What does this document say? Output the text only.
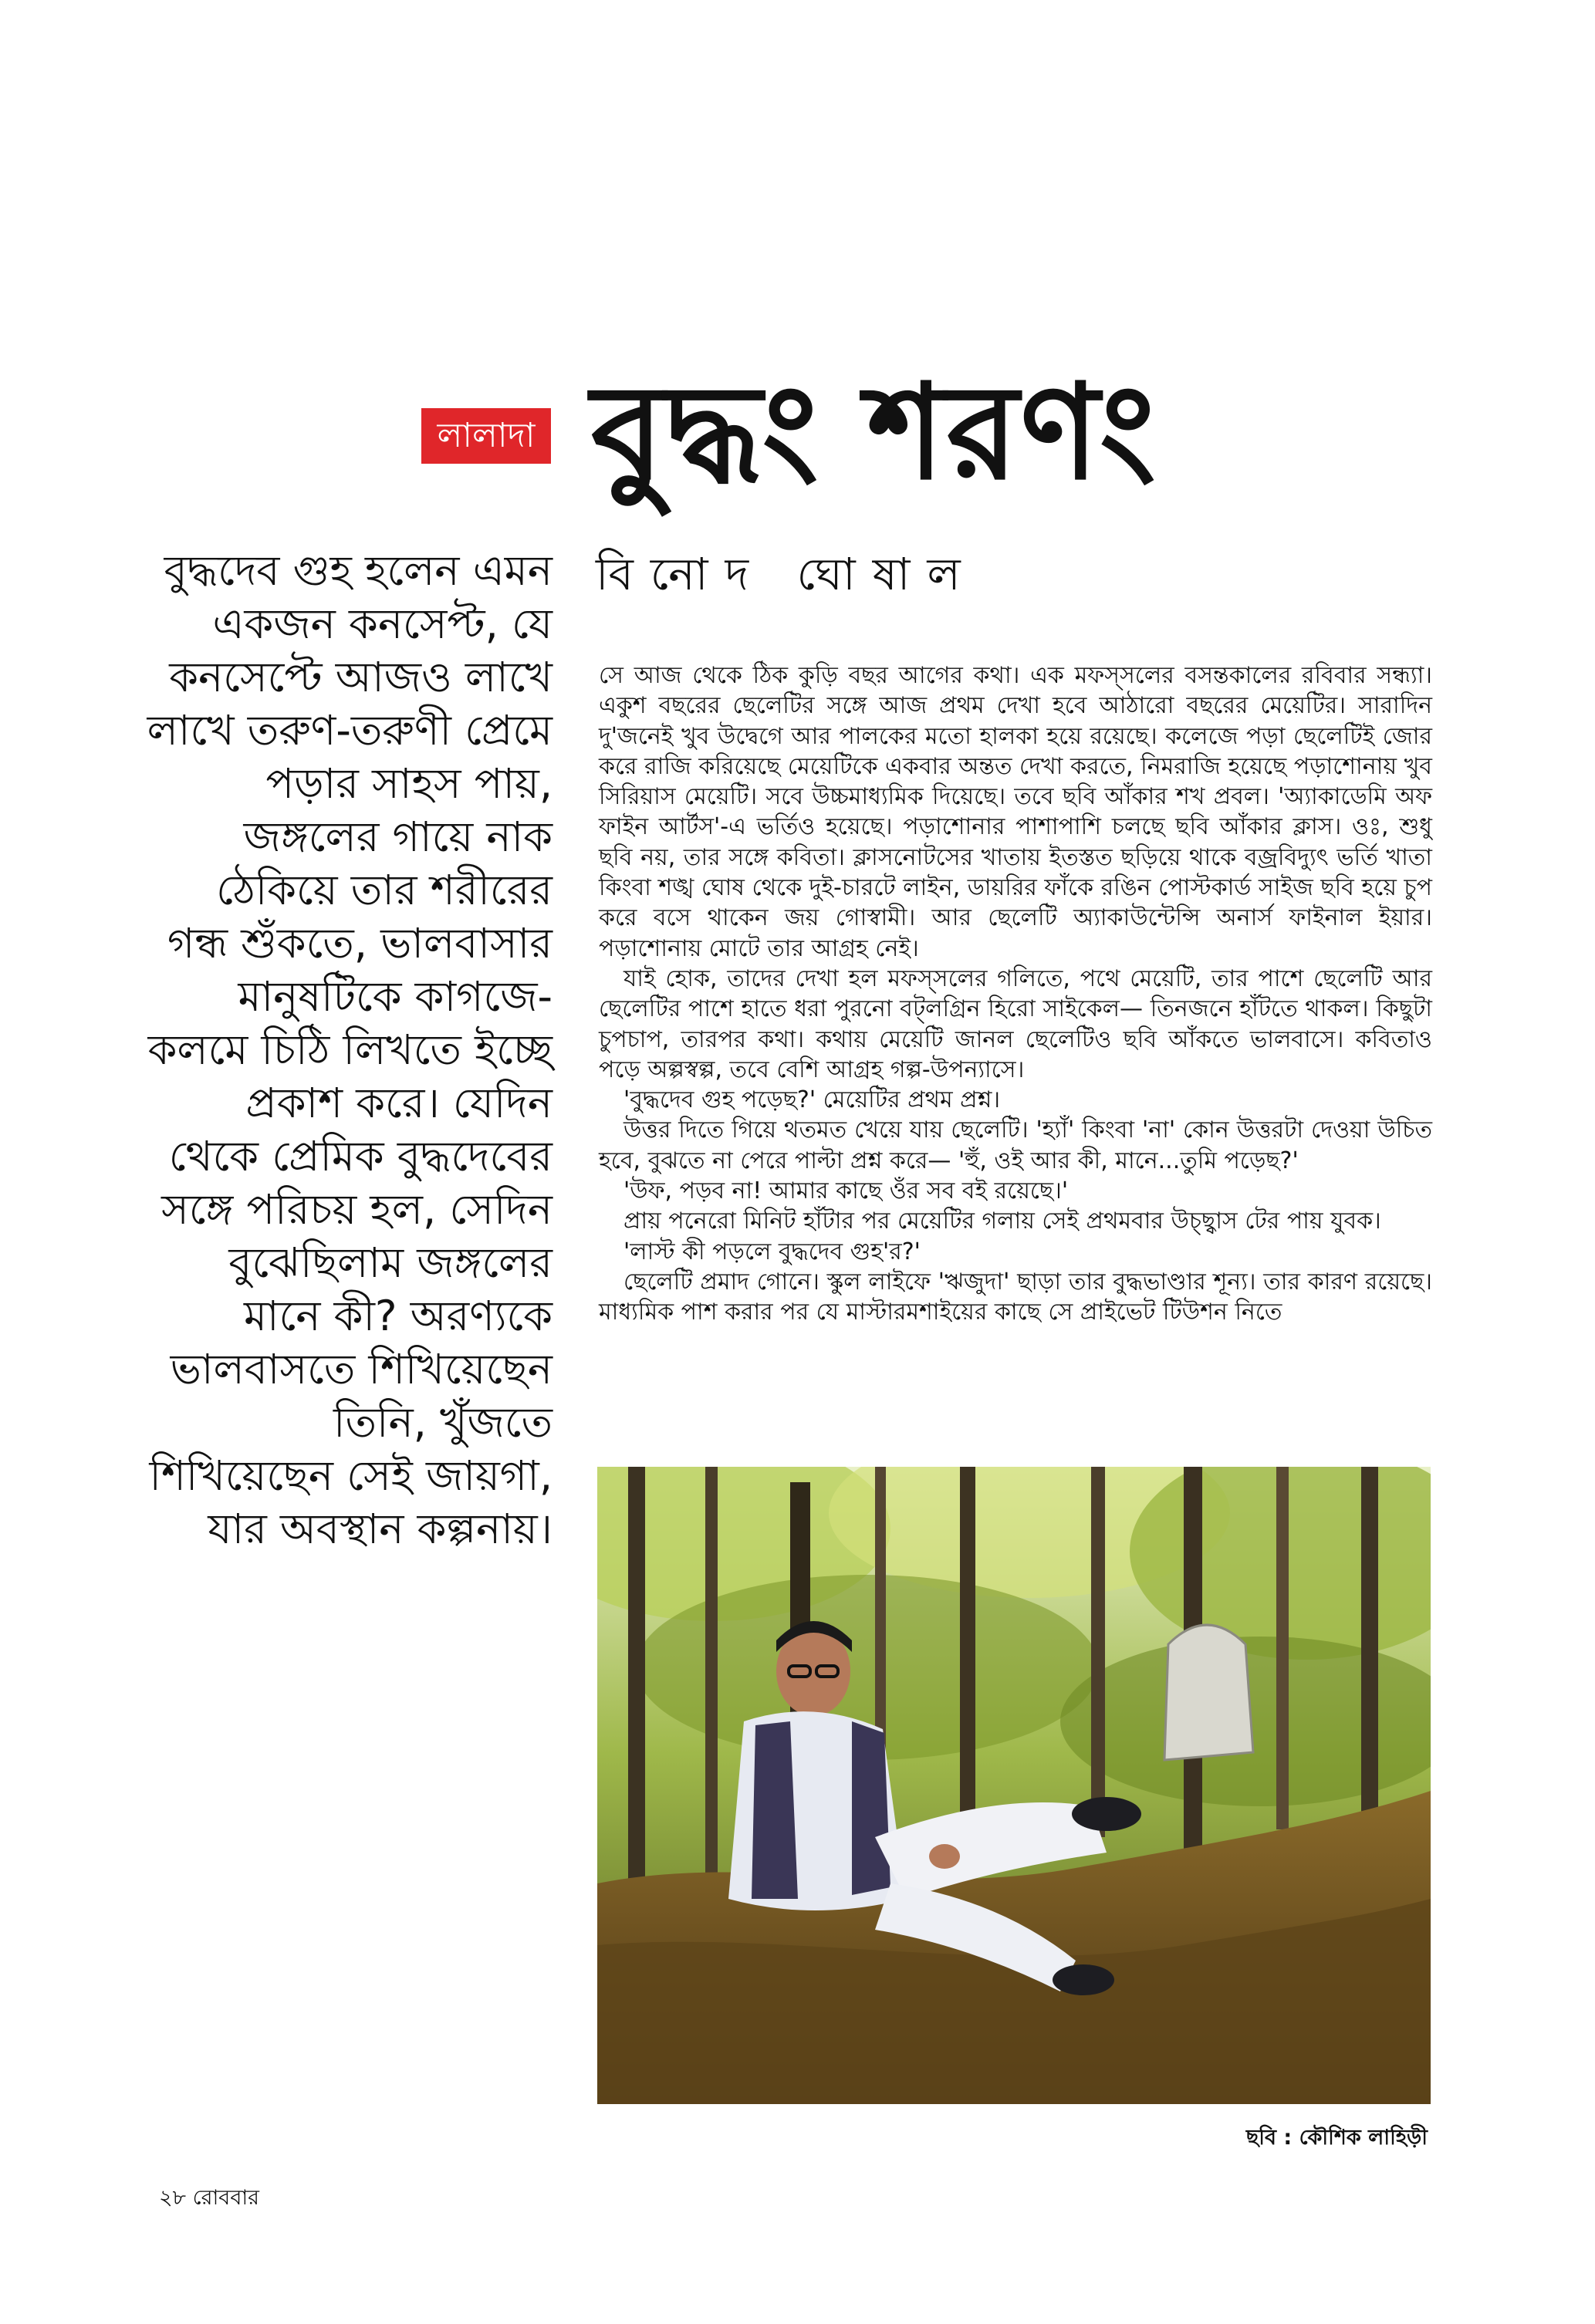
লালাদা বুদ্ধং শরণং
বিনোদ ঘোষাল
বুদ্ধদেব গুহ হলেন এমন একজন কনসেপ্ট, যে কনসেপ্টে আজও লাখে লাখে তরুণ-তরুণী প্রেমে পড়ার সাহস পায়, জঙ্গলের গায়ে নাক ঠেকিয়ে তার শরীরের গন্ধ শুঁকতে, ভালবাসার মানুষটিকে কাগজে-কলমে চিঠি লিখতে ইচ্ছে প্রকাশ করে। যেদিন থেকে প্রেমিক বুদ্ধদেবের সঙ্গে পরিচয় হল, সেদিন বুঝেছিলাম জঙ্গলের মানে কী? অরণ্যকে ভালবাসতে শিখিয়েছেন তিনি, খুঁজতে শিখিয়েছেন সেই জায়গা, যার অবস্থান কল্পনায়।

সে আজ থেকে ঠিক কুড়ি বছর আগের কথা। এক মফস্সলের বসন্তকালের রবিবার সন্ধ্যা। একুশ বছরের ছেলেটির সঙ্গে আজ প্রথম দেখা হবে আঠারো বছরের মেয়েটির। সারাদিন দু'জনেই খুব উদ্বেগে আর পালকের মতো হালকা হয়ে রয়েছে। কলেজে পড়া ছেলেটিই জোর করে রাজি করিয়েছে মেয়েটিকে একবার অন্তত দেখা করতে, নিমরাজি হয়েছে পড়াশোনায় খুব সিরিয়াস মেয়েটি। সবে উচ্চমাধ্যমিক দিয়েছে। তবে ছবি আঁকার শখ প্রবল। 'অ্যাকাডেমি অফ ফাইন আর্টস'-এ ভর্তিও হয়েছে। পড়াশোনার পাশাপাশি চলছে ছবি আঁকার ক্লাস। ওঃ, শুধু ছবি নয়, তার সঙ্গে কবিতা। ক্লাসনোটসের খাতায় ইতস্তত ছড়িয়ে থাকে বজ্রবিদ্যুৎ ভর্তি খাতা কিংবা শঙ্খ ঘোষ থেকে দুই-চারটে লাইন, ডায়রির ফাঁকে রঙিন পোস্টকার্ড সাইজ ছবি হয়ে চুপ করে বসে থাকেন জয় গোস্বামী। আর ছেলেটি অ্যাকাউন্টেন্সি অনার্স ফাইনাল ইয়ার। পড়াশোনায় মোটে তার আগ্রহ নেই।

যাই হোক, তাদের দেখা হল মফস্সলের গলিতে, পথে মেয়েটি, তার পাশে ছেলেটি আর ছেলেটির পাশে হাতে ধরা পুরনো বট্লগ্রিন হিরো সাইকেল— তিনজনে হাঁটতে থাকল। কিছুটা চুপচাপ, তারপর কথা। কথায় মেয়েটি জানল ছেলেটিও ছবি আঁকতে ভালবাসে। কবিতাও পড়ে অল্পস্বল্প, তবে বেশি আগ্রহ গল্প-উপন্যাসে।

'বুদ্ধদেব গুহ পড়েছ?' মেয়েটির প্রথম প্রশ্ন।

উত্তর দিতে গিয়ে থতমত খেয়ে যায় ছেলেটি। 'হ্যাঁ' কিংবা 'না' কোন উত্তরটা দেওয়া উচিত হবে, বুঝতে না পেরে পাল্টা প্রশ্ন করে— 'হুঁ, ওই আর কী, মানে...তুমি পড়েছ?'

'উফ, পড়ব না! আমার কাছে ওঁর সব বই রয়েছে।'

প্রায় পনেরো মিনিট হাঁটার পর মেয়েটির গলায় সেই প্রথমবার উচ্ছ্বাস টের পায় যুবক।

'লাস্ট কী পড়লে বুদ্ধদেব গুহ'র?'

ছেলেটি প্রমাদ গোনে। স্কুল লাইফে 'ঋজুদা' ছাড়া তার বুদ্ধভাণ্ডার শূন্য। তার কারণ রয়েছে। মাধ্যমিক পাশ করার পর যে মাস্টারমশাইয়ের কাছে সে প্রাইভেট টিউশন নিতে

ছবি : কৌশিক লাহিড়ী
২৮ রোববার
